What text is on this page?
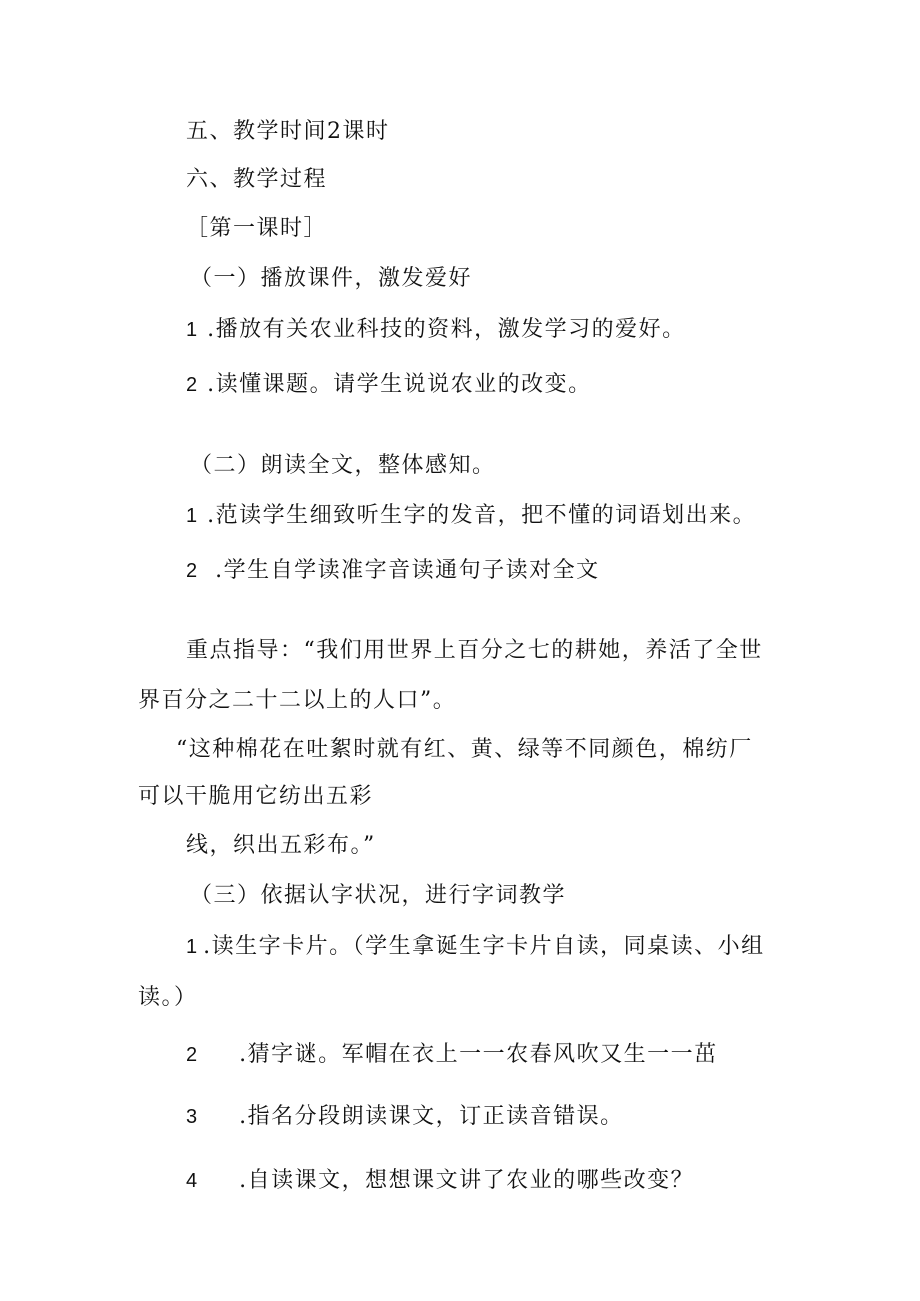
五、教学时间2课时
六、教学过程
［第一课时］
（一）播放课件，激发爱好
1 .播放有关农业科技的资料，激发学习的爱好。
2 .读懂课题。请学生说说农业的改变。
（二）朗读全文，整体感知。
1 .范读学生细致听生字的发音，把不懂的词语划出来。
2 .学生自学读准字音读通句子读对全文
重点指导：“我们用世界上百分之七的耕她，养活了全世
界百分之二十二以上的人口”。
“这种棉花在吐絮时就有红、黄、绿等不同颜色，棉纺厂
可以干脆用它纺出五彩
线，织出五彩布。”
（三）依据认字状况，进行字词教学
1 .读生字卡片。（学生拿诞生字卡片自读，同桌读、小组
读。）
2 .猜字谜。军帽在衣上一一农春风吹又生一一茁
3 .指名分段朗读课文，订正读音错误。
4 .自读课文，想想课文讲了农业的哪些改变？
